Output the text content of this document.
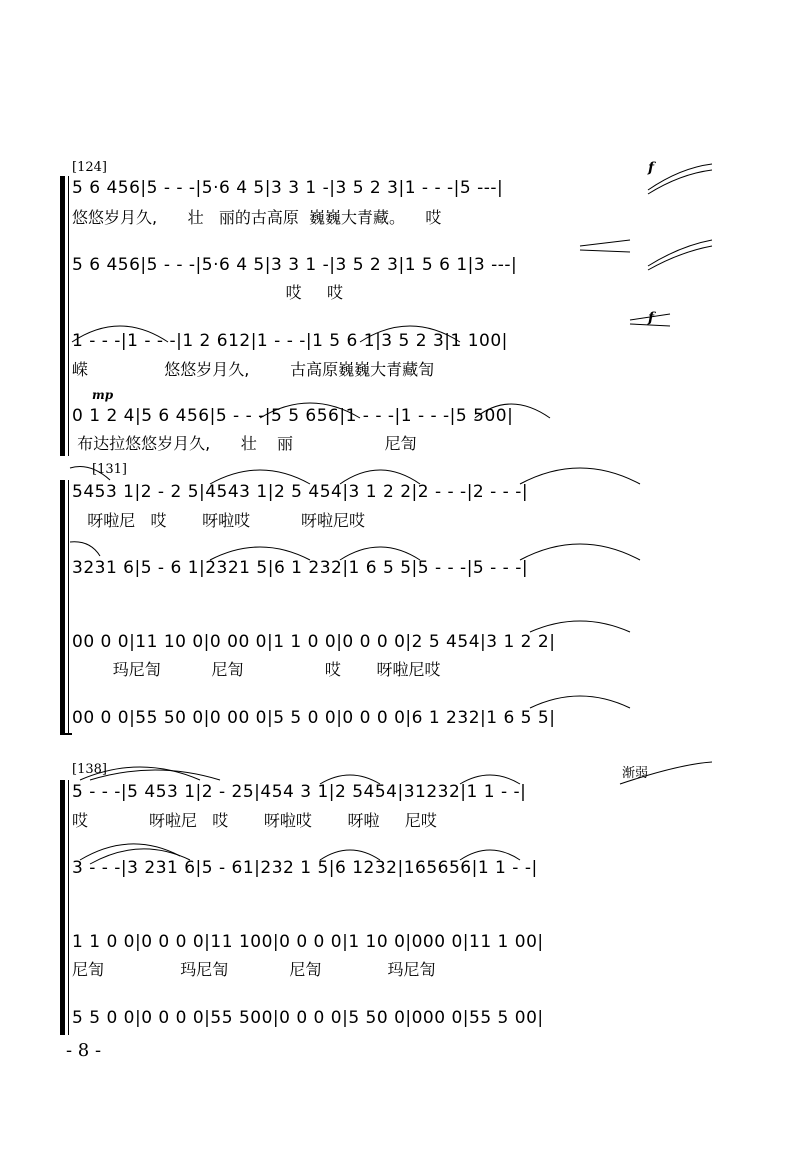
[124]	f
f
mp
5 6 456|5 - - -|5·6 4 5|3 3 1 -|3 5 2 3|1 - - -|5 ---|
悠悠岁月久,      壮   丽的古高原  巍巍大青藏。    哎
5 6 456|5 - - -|5·6 4 5|3 3 1 -|3 5 2 3|1 5 6 1|3 ---|
哎     哎
1 - - -|1 - - -|1 2 612|1 - - -|1 5 6 1|3 5 2 3|1 100|
嵘               悠悠岁月久,        古高原巍巍大青藏訇
0 1 2 4|5 6 456|5 - - -|5 5 656|1 - - -|1 - - -|5 500|
布达拉悠悠岁月久,      壮    丽                  尼訇
[131]
5453 1|2 - 2 5|4543 1|2 5 454|3 1 2 2|2 - - -|2 - - -|
呀啦尼   哎       呀啦哎          呀啦尼哎
3231 6|5 - 6 1|2321 5|6 1 232|1 6 5 5|5 - - -|5 - - -|
00 0 0|11 10 0|0 00 0|1 1 0 0|0 0 0 0|2 5 454|3 1 2 2|
玛尼訇          尼訇                哎       呀啦尼哎
00 0 0|55 50 0|0 00 0|5 5 0 0|0 0 0 0|6 1 232|1 6 5 5|
[138]	渐弱
5 - - -|5 453 1|2 - 25|454 3 1|2 5454|31232|1 1 - -|
哎            呀啦尼   哎       呀啦哎       呀啦     尼哎
3 - - -|3 231 6|5 - 61|232 1 5|6 1232|165656|1 1 - -|
1 1 0 0|0 0 0 0|11 100|0 0 0 0|1 10 0|000 0|11 1 00|
尼訇               玛尼訇            尼訇             玛尼訇
5 5 0 0|0 0 0 0|55 500|0 0 0 0|5 50 0|000 0|55 5 00|
- 8 -
